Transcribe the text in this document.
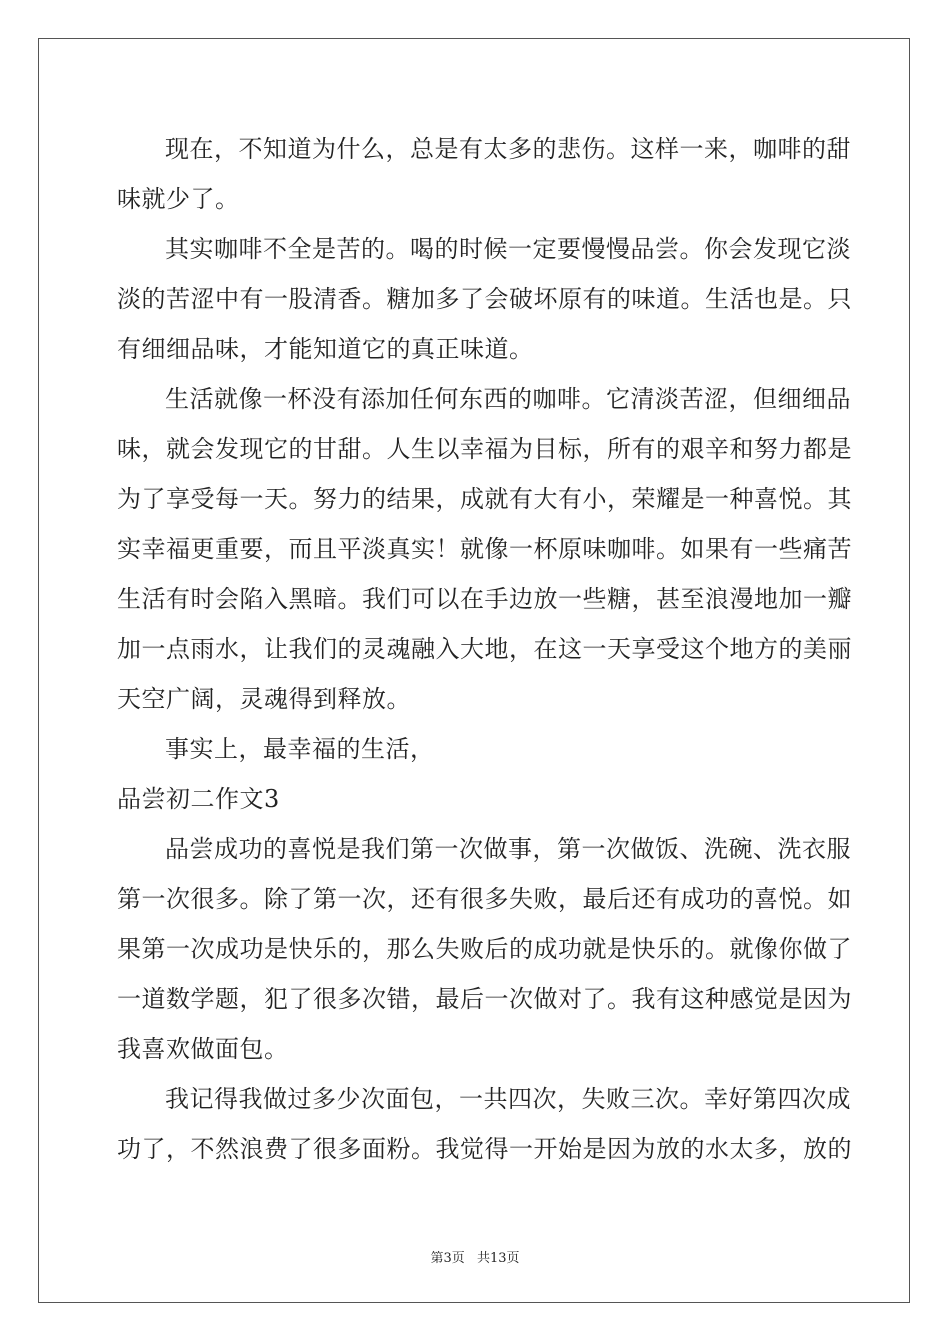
现在，不知道为什么，总是有太多的悲伤。这样一来，咖啡的甜
味就少了。
其实咖啡不全是苦的。喝的时候一定要慢慢品尝。你会发现它淡
淡的苦涩中有一股清香。糖加多了会破坏原有的味道。生活也是。只
有细细品味，才能知道它的真正味道。
生活就像一杯没有添加任何东西的咖啡。它清淡苦涩，但细细品
味，就会发现它的甘甜。人生以幸福为目标，所有的艰辛和努力都是
为了享受每一天。努力的结果，成就有大有小，荣耀是一种喜悦。其
实幸福更重要，而且平淡真实！就像一杯原味咖啡。如果有一些痛苦
生活有时会陷入黑暗。我们可以在手边放一些糖，甚至浪漫地加一瓣
加一点雨水，让我们的灵魂融入大地，在这一天享受这个地方的美丽
天空广阔，灵魂得到释放。
事实上，最幸福的生活，
品尝初二作文3
品尝成功的喜悦是我们第一次做事，第一次做饭、洗碗、洗衣服
第一次很多。除了第一次，还有很多失败，最后还有成功的喜悦。如
果第一次成功是快乐的，那么失败后的成功就是快乐的。就像你做了
一道数学题，犯了很多次错，最后一次做对了。我有这种感觉是因为
我喜欢做面包。
我记得我做过多少次面包，一共四次，失败三次。幸好第四次成
功了，不然浪费了很多面粉。我觉得一开始是因为放的水太多，放的
第3页 共13页
